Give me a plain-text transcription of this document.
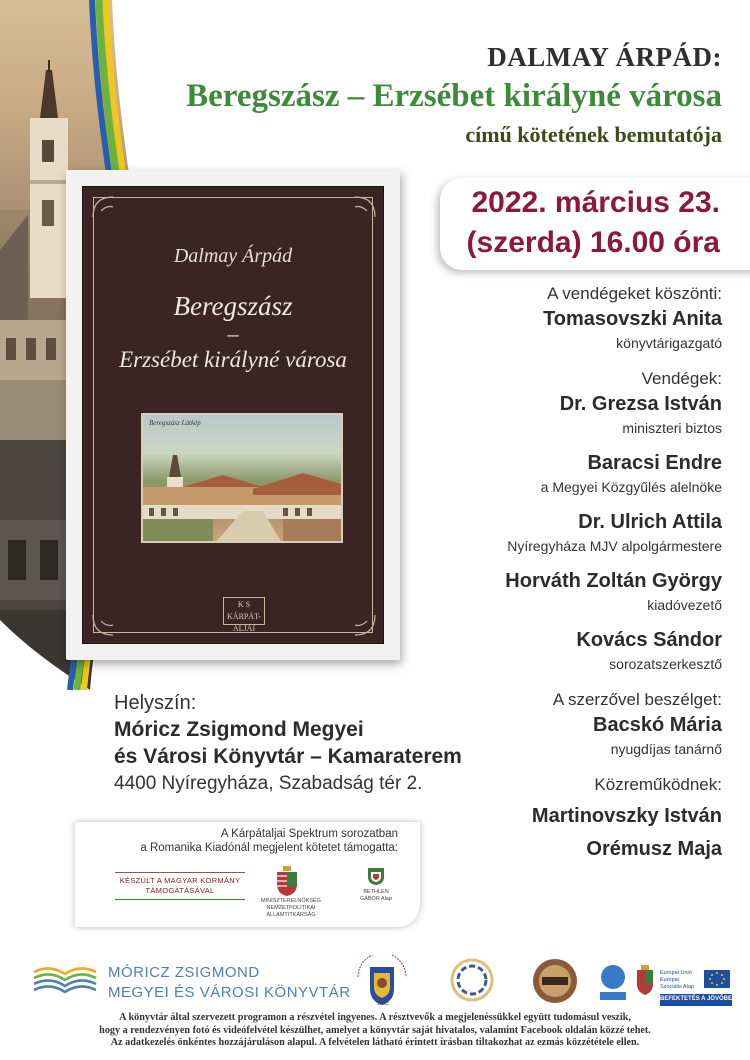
DALMAY ÁRPÁD:
Beregszász – Erzsébet királyné városa
című kötetének bemutatója
2022. március 23.
(szerda) 16.00 óra
Dalmay Árpád
Beregszász
–
Erzsébet királyné városa
Beregszász Látkép
K S
KÁRPÁT-
ALJAI
A vendégeket köszönti:
Tomasovszki Anita
könyvtárigazgató
Vendégek:
Dr. Grezsa István
miniszteri biztos
Baracsi Endre
a Megyei Közgyűlés alelnöke
Dr. Ulrich Attila
Nyíregyháza MJV alpolgármestere
Horváth Zoltán György
kiadóvezető
Kovács Sándor
sorozatszerkesztő
A szerzővel beszélget:
Bacskó Mária
nyugdíjas tanárnő
Közreműködnek:
Martinovszky István
Orémusz Maja
Helyszín:
Móricz Zsigmond Megyei
és Városi Könyvtár – Kamaraterem
4400 Nyíregyháza, Szabadság tér 2.
A Kárpátaljai Spektrum sorozatban
a Romanika Kiadónál megjelent kötetet támogatta:
KÉSZÜLT A MAGYAR KORMÁNY TÁMOGATÁSÁVAL
MINISZTERELNÖKSÉG NEMZETPOLITIKAI ÁLLAMTITKÁRSÁG
BETHLEN GÁBOR Alap
MÓRICZ ZSIGMOND
MEGYEI ÉS VÁROSI KÖNYVTÁR
1992
Európai Unió Európai Szociális Alap
BEFEKTETÉS A JÖVŐBE
A könyvtár által szervezett programon a részvétel ingyenes. A résztvevők a megjelenéssükkel együtt tudomásul veszik,
hogy a rendezvényen fotó és videófelvétel készülhet, amelyet a könyvtár saját hivatalos, valamint Facebook oldalán közzé tehet.
Az adatkezelés önkéntes hozzájáruláson alapul. A felvételen látható érintett írásban tiltakozhat az ezmás közzététele ellen.
